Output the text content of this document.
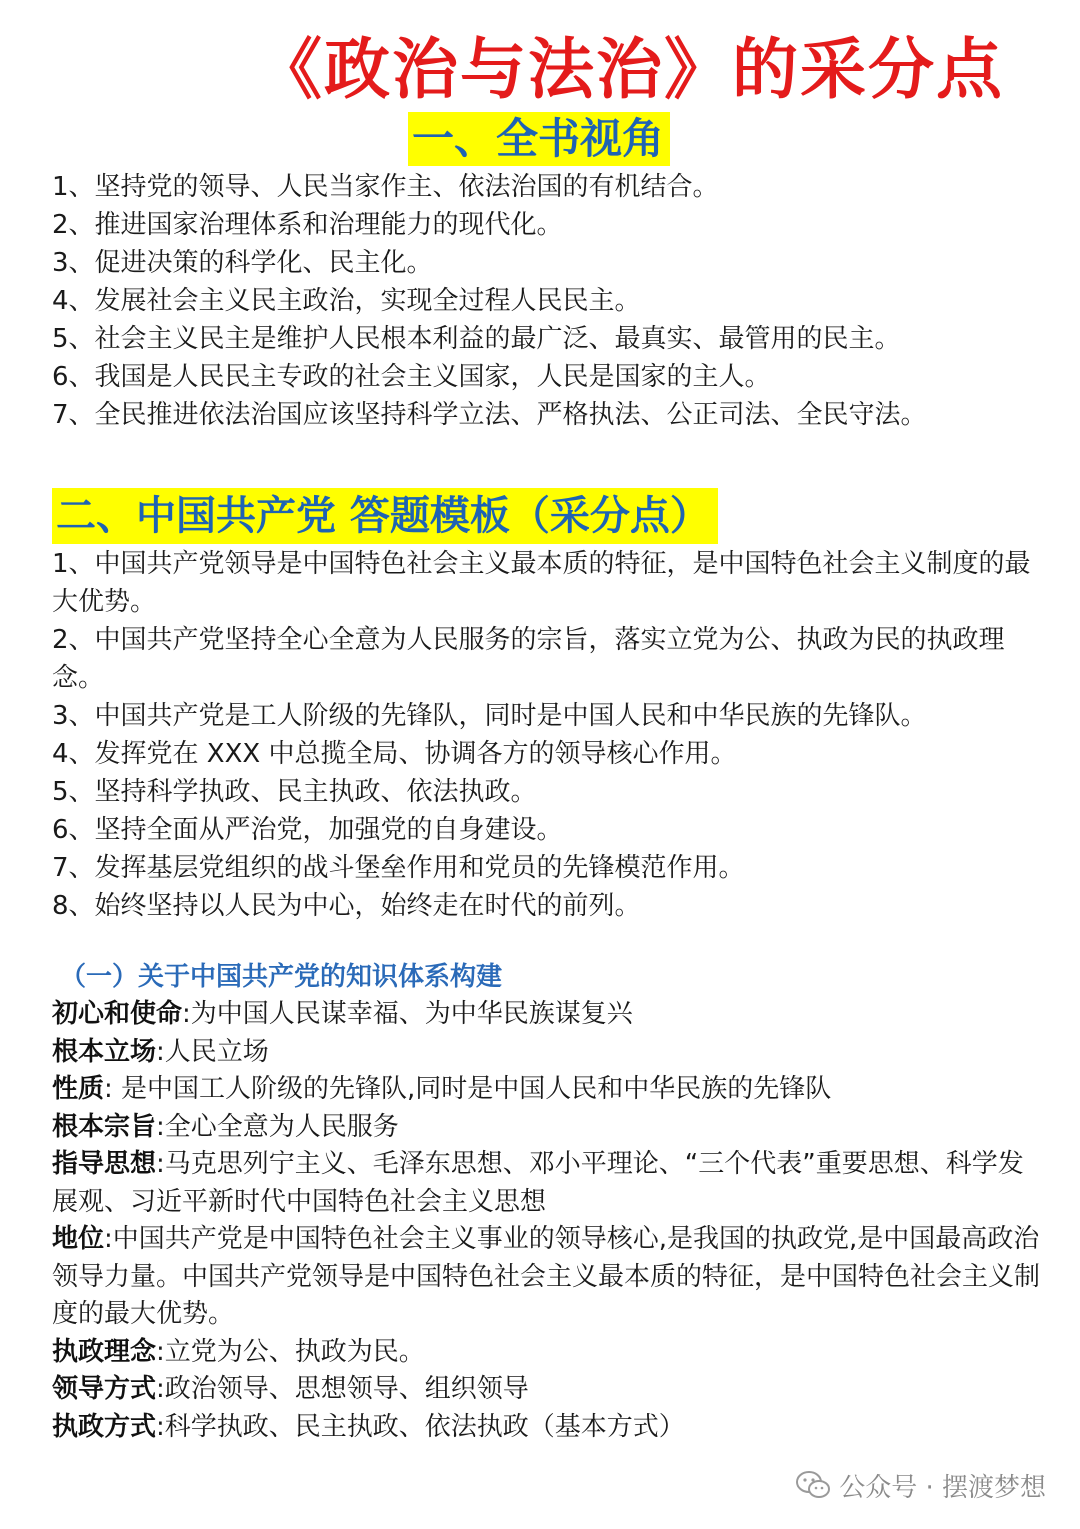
《政治与法治》的采分点
一、全书视角
1、坚持党的领导、人民当家作主、依法治国的有机结合。
2、推进国家治理体系和治理能力的现代化。
3、促进决策的科学化、民主化。
4、发展社会主义民主政治，实现全过程人民民主。
5、社会主义民主是维护人民根本利益的最广泛、最真实、最管用的民主。
6、我国是人民民主专政的社会主义国家，人民是国家的主人。
7、全民推进依法治国应该坚持科学立法、严格执法、公正司法、全民守法。
二、中国共产党 答题模板（采分点）
1、中国共产党领导是中国特色社会主义最本质的特征，是中国特色社会主义制度的最大优势。
2、中国共产党坚持全心全意为人民服务的宗旨，落实立党为公、执政为民的执政理念。
3、中国共产党是工人阶级的先锋队，同时是中国人民和中华民族的先锋队。
4、发挥党在 XXX 中总揽全局、协调各方的领导核心作用。
5、坚持科学执政、民主执政、依法执政。
6、坚持全面从严治党，加强党的自身建设。
7、发挥基层党组织的战斗堡垒作用和党员的先锋模范作用。
8、始终坚持以人民为中心，始终走在时代的前列。
（一）关于中国共产党的知识体系构建
初心和使命:为中国人民谋幸福、为中华民族谋复兴
根本立场:人民立场
性质: 是中国工人阶级的先锋队,同时是中国人民和中华民族的先锋队
根本宗旨:全心全意为人民服务
指导思想:马克思列宁主义、毛泽东思想、邓小平理论、“三个代表”重要思想、科学发展观、习近平新时代中国特色社会主义思想
地位:中国共产党是中国特色社会主义事业的领导核心,是我国的执政党,是中国最高政治领导力量。中国共产党领导是中国特色社会主义最本质的特征，是中国特色社会主义制度的最大优势。
执政理念:立党为公、执政为民。
领导方式:政治领导、思想领导、组织领导
执政方式:科学执政、民主执政、依法执政（基本方式）
公众号 · 摆渡梦想
